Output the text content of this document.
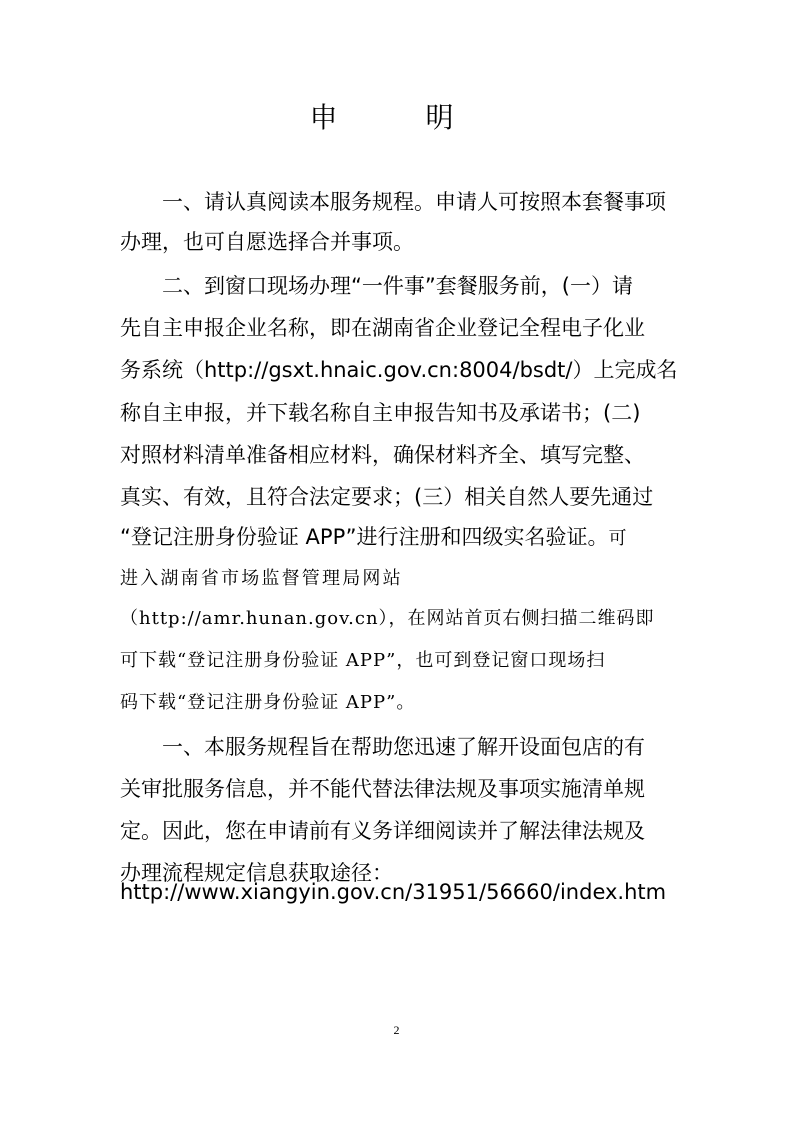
申　明
　　一、请认真阅读本服务规程。申请人可按照本套餐事项
办理，也可自愿选择合并事项。
　　二、到窗口现场办理“一件事”套餐服务前，(一）请
先自主申报企业名称，即在湖南省企业登记全程电子化业
务系统（http://gsxt.hnaic.gov.cn:8004/bsdt/）上完成名
称自主申报，并下载名称自主申报告知书及承诺书；(二)
对照材料清单准备相应材料，确保材料齐全、填写完整、
真实、有效，且符合法定要求；(三）相关自然人要先通过
“登记注册身份验证 APP”进行注册和四级实名验证。可
进入湖南省市场监督管理局网站
（http://amr.hunan.gov.cn），在网站首页右侧扫描二维码即
可下载“登记注册身份验证 APP”，也可到登记窗口现场扫
码下载“登记注册身份验证 APP”。
　　一、本服务规程旨在帮助您迅速了解开设面包店的有
关审批服务信息，并不能代替法律法规及事项实施清单规
定。因此，您在申请前有义务详细阅读并了解法律法规及
办理流程规定信息获取途径：
http://www.xiangyin.gov.cn/31951/56660/index.htm
2
